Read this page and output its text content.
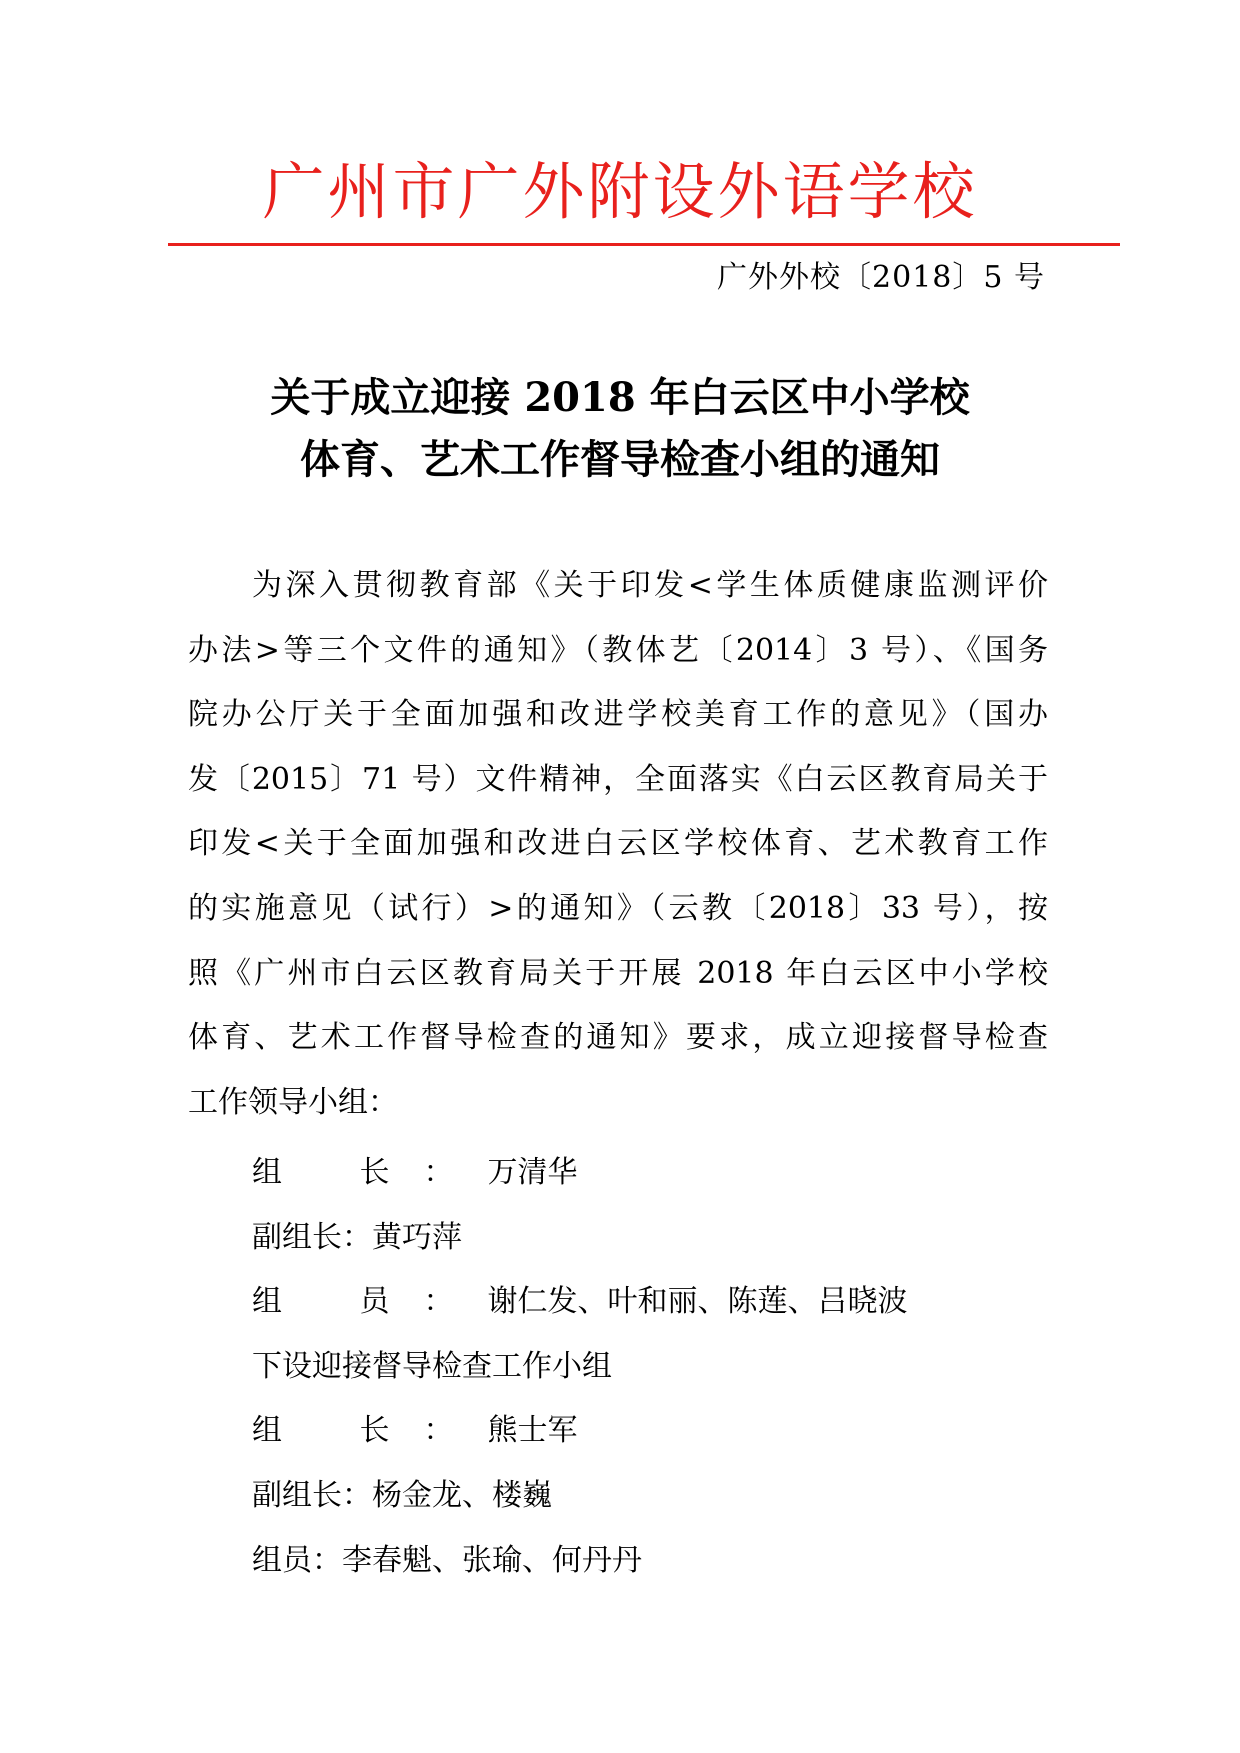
广州市广外附设外语学校
广外外校〔2018〕5 号
关于成立迎接 2018 年白云区中小学校
体育、艺术工作督导检查小组的通知
为深入贯彻教育部《关于印发<学生体质健康监测评价
办法>等三个文件的通知》（教体艺〔2014〕3 号）、《国务
院办公厅关于全面加强和改进学校美育工作的意见》（国办
发〔2015〕71 号）文件精神，全面落实《白云区教育局关于
印发<关于全面加强和改进白云区学校体育、艺术教育工作
的实施意见（试行）>的通知》（云教〔2018〕33 号），按
照《广州市白云区教育局关于开展 2018 年白云区中小学校
体育、艺术工作督导检查的通知》要求，成立迎接督导检查
工作领导小组：
组 长：万清华
副组长：黄巧萍
组 员：谢仁发、叶和丽、陈莲、吕晓波
下设迎接督导检查工作小组
组 长：熊士军
副组长：杨金龙、楼巍
组员：李春魁、张瑜、何丹丹
